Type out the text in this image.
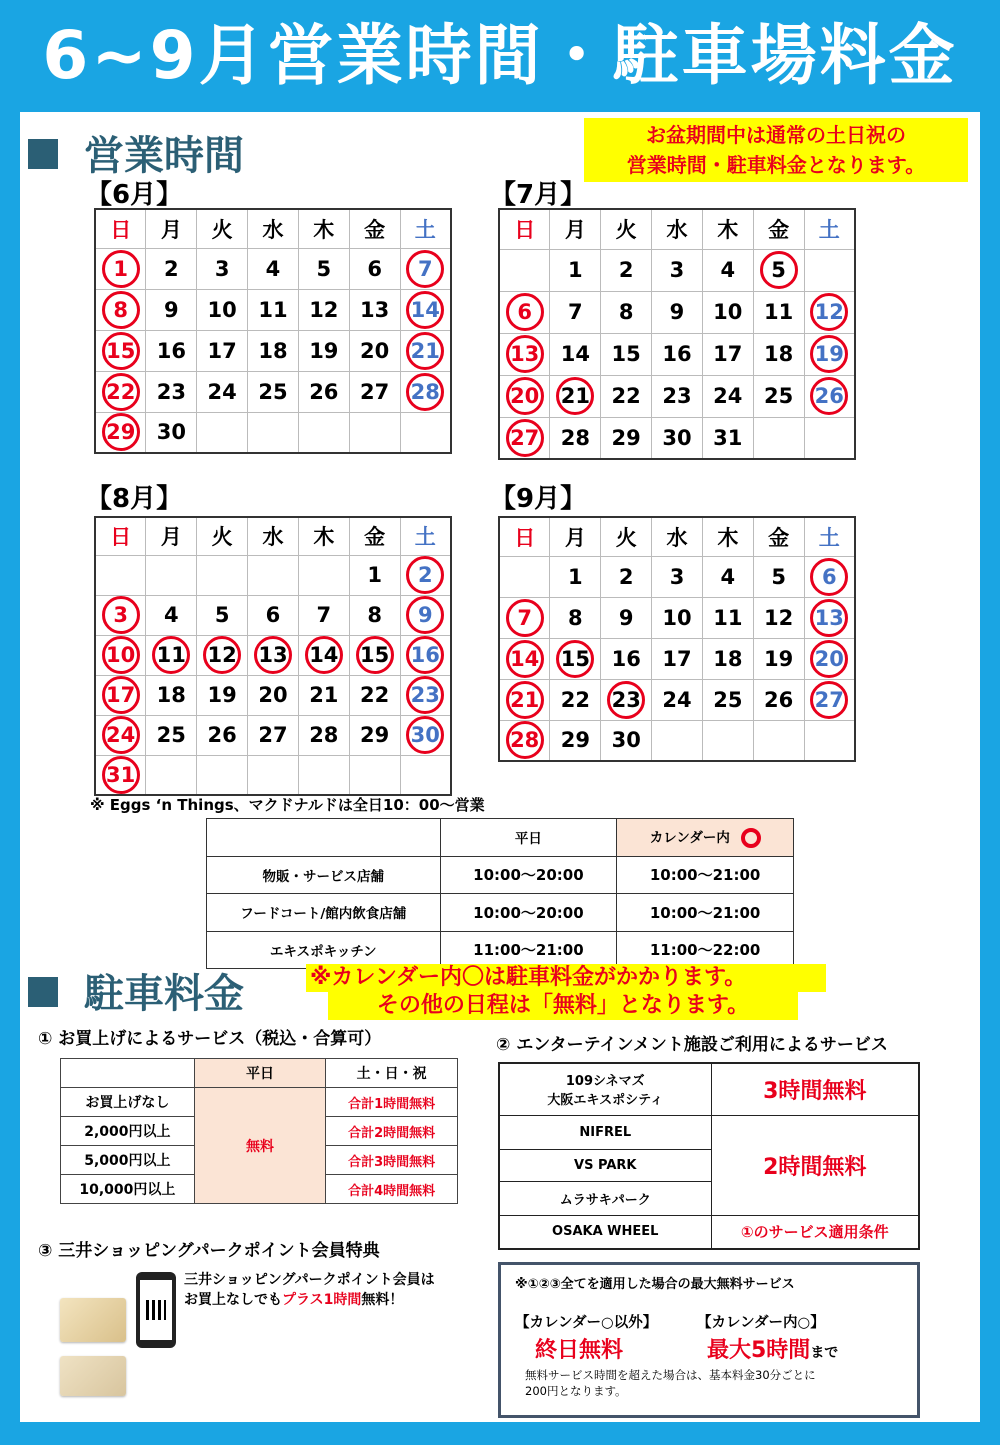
6~9月営業時間・駐車場料金
営業時間	お盆期間中は通常の土日祝の
営業時間・駐車料金となります。
【6月】
日	月	火	水	木	金	土
1	2	3	4	5	6	7
8	9	10	11	12	13	14
15	16	17	18	19	20	21
22	23	24	25	26	27	28
29	30					
【7月】
日	月	火	水	木	金	土
	1	2	3	4	5	
6	7	8	9	10	11	12
13	14	15	16	17	18	19
20	21	22	23	24	25	26
27	28	29	30	31		
【8月】
日	月	火	水	木	金	土
					1	2
3	4	5	6	7	8	9
10	11	12	13	14	15	16
17	18	19	20	21	22	23
24	25	26	27	28	29	30
31						
【9月】
日	月	火	水	木	金	土
	1	2	3	4	5	6
7	8	9	10	11	12	13
14	15	16	17	18	19	20
21	22	23	24	25	26	27
28	29	30				
※ Eggs ‘n Things、マクドナルドは全日10：00～営業
	平日	カレンダー内
物販・サービス店舗	10:00～20:00	10:00～21:00
フードコート/館内飲食店舗	10:00～20:00	10:00～21:00
エキスポキッチン	11:00～21:00	11:00～22:00
駐車料金	※カレンダー内〇は駐車料金がかかります。
その他の日程は「無料」となります。
① お買上げによるサービス（税込・合算可）
	平日	土・日・祝
お買上げなし	無料	合計1時間無料
2,000円以上		合計2時間無料
5,000円以上		合計3時間無料
10,000円以上		合計4時間無料
② エンターテインメント施設ご利用によるサービス
109シネマズ
大阪エキスポシティ	3時間無料
NIFREL	2時間無料
VS PARK	
ムラサキパーク	
OSAKA WHEEL	①のサービス適用条件
③ 三井ショッピングパークポイント会員特典
三井ショッピングパークポイント会員は
お買上なしでもプラス1時間無料！
※①②③全てを適用した場合の最大無料サービス
【カレンダー○以外】
終日無料
【カレンダー内○】
最大5時間まで
無料サービス時間を超えた場合は、基本料金30分ごとに
200円となります。
